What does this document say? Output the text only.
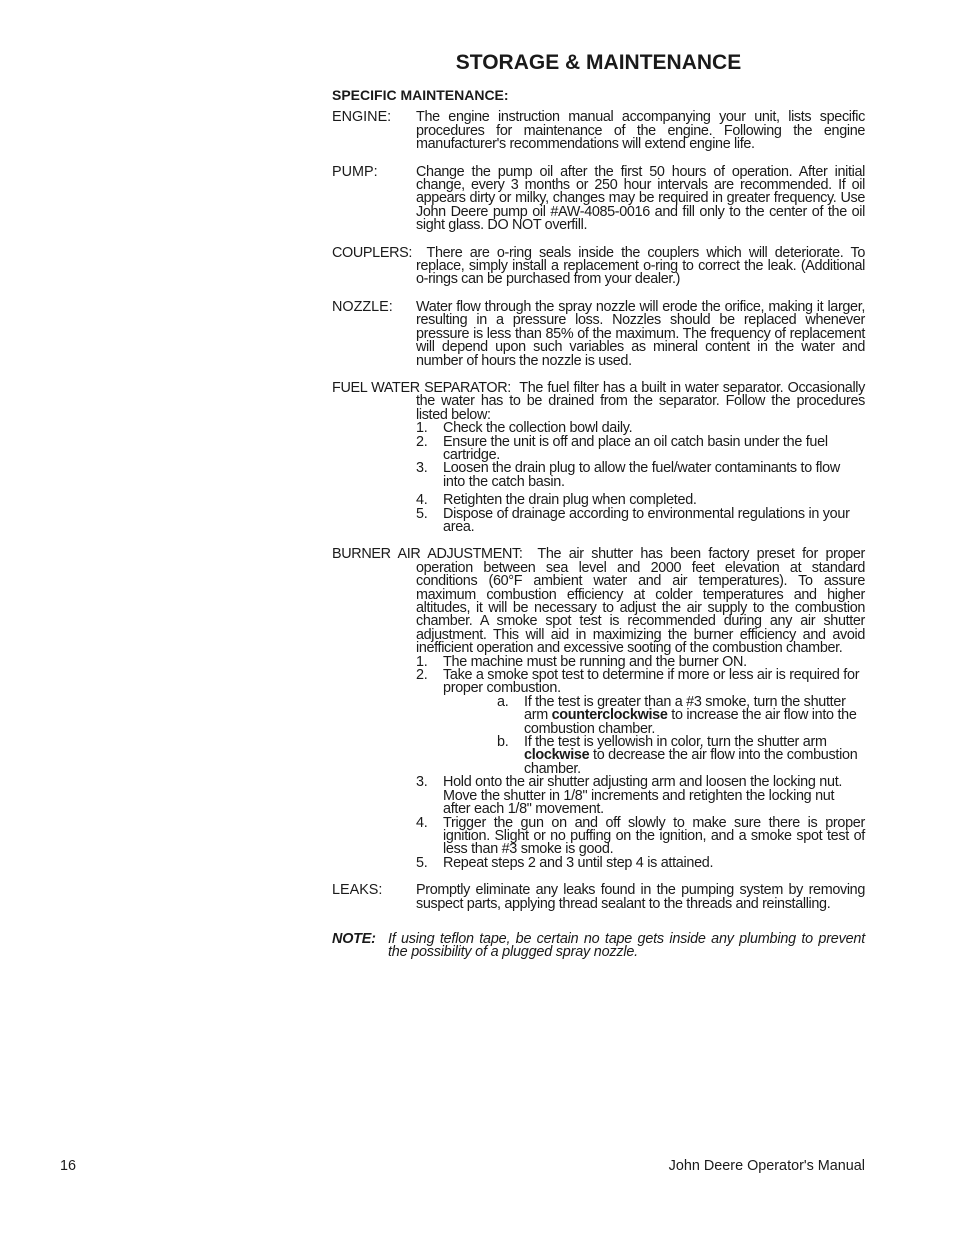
STORAGE & MAINTENANCE
SPECIFIC MAINTENANCE:
ENGINE: The engine instruction manual accompanying your unit, lists specific procedures for maintenance of the engine. Following the engine manufacturer's recommendations will extend engine life.
PUMP:	Change the pump oil after the first 50 hours of operation. After initial change, every 3 months or 250 hour intervals are recommended. If oil appears dirty or milky, changes may be required in greater frequency. Use John Deere pump oil #AW-4085-0016 and fill only to the center of the oil sight glass. DO NOT overfill.
COUPLERS: There are o-ring seals inside the couplers which will deteriorate. To replace, simply install a replacement o-ring to correct the leak. (Additional o-rings can be purchased from your dealer.)
NOZZLE: Water flow through the spray nozzle will erode the orifice, making it larger, resulting in a pressure loss. Nozzles should be replaced whenever pressure is less than 85% of the maximum. The frequency of replacement will depend upon such variables as mineral content in the water and number of hours the nozzle is used.
FUEL WATER SEPARATOR: The fuel filter has a built in water separator. Occasionally the water has to be drained from the separator. Follow the procedures listed below:
1. Check the collection bowl daily.
2. Ensure the unit is off and place an oil catch basin under the fuel cartridge.
3. Loosen the drain plug to allow the fuel/water contaminants to flow into the catch basin.
4. Retighten the drain plug when completed.
5. Dispose of drainage according to environmental regulations in your area.
BURNER AIR ADJUSTMENT: The air shutter has been factory preset for proper operation between sea level and 2000 feet elevation at standard conditions (60°F ambient water and air temperatures). To assure maximum combustion efficiency at colder temperatures and higher altitudes, it will be necessary to adjust the air supply to the combustion chamber. A smoke spot test is recommended during any air shutter adjustment. This will aid in maximizing the burner efficiency and avoid inefficient operation and excessive sooting of the combustion chamber.
1. The machine must be running and the burner ON.
2. Take a smoke spot test to determine if more or less air is required for proper combustion.
a. If the test is greater than a #3 smoke, turn the shutter arm counterclockwise to increase the air flow into the combustion chamber.
b. If the test is yellowish in color, turn the shutter arm clockwise to decrease the air flow into the combustion chamber.
3. Hold onto the air shutter adjusting arm and loosen the locking nut. Move the shutter in 1/8" increments and retighten the locking nut after each 1/8" movement.
4. Trigger the gun on and off slowly to make sure there is proper ignition. Slight or no puffing on the ignition, and a smoke spot test of less than #3 smoke is good.
5. Repeat steps 2 and 3 until step 4 is attained.
LEAKS: Promptly eliminate any leaks found in the pumping system by removing suspect parts, applying thread sealant to the threads and reinstalling.
NOTE: If using teflon tape, be certain no tape gets inside any plumbing to prevent the possibility of a plugged spray nozzle.
16	John Deere Operator's Manual
